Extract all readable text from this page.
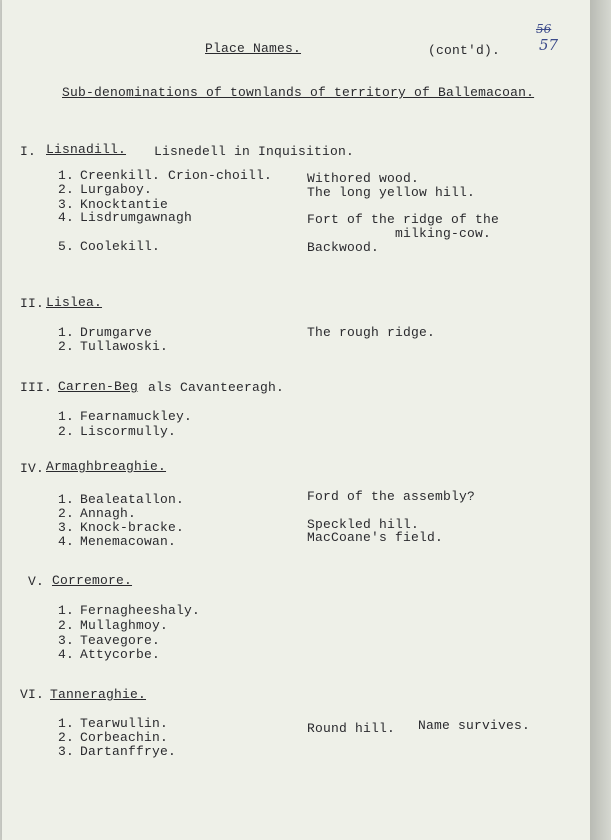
Place Names.	(cont'd).
56
57
Sub-denominations of townlands of territory of Ballemacoan.
I. Lisnadill. Lisnedell in Inquisition.
1. Creenkill. Crion-choill.	Withored wood.
2. Lurgaboy.	The long yellow hill.
3. Knocktantie
4. Lisdrumgawnagh	Fort of the ridge of the
milking-cow.
5. Coolekill.	Backwood.
II. Lislea.
1. Drumgarve	The rough ridge.
2. Tullawoski.
III. Carren-Beg als Cavanteeragh.
1. Fearnamuckley.
2. Liscormully.
IV. Armaghbreaghie.
1. Bealeatallon.	Ford of the assembly?
2. Annagh.
3. Knock-bracke.	Speckled hill.
4. Menemacowan.	MacCoane's field.
V. Corremore.
1. Fernagheeshaly.
2. Mullaghmoy.
3. Teavegore.
4. Attycorbe.
VI. Tanneraghie.
1. Tearwullin.	Round hill. Name survives.
2. Corbeachin.
3. Dartanffrye.
